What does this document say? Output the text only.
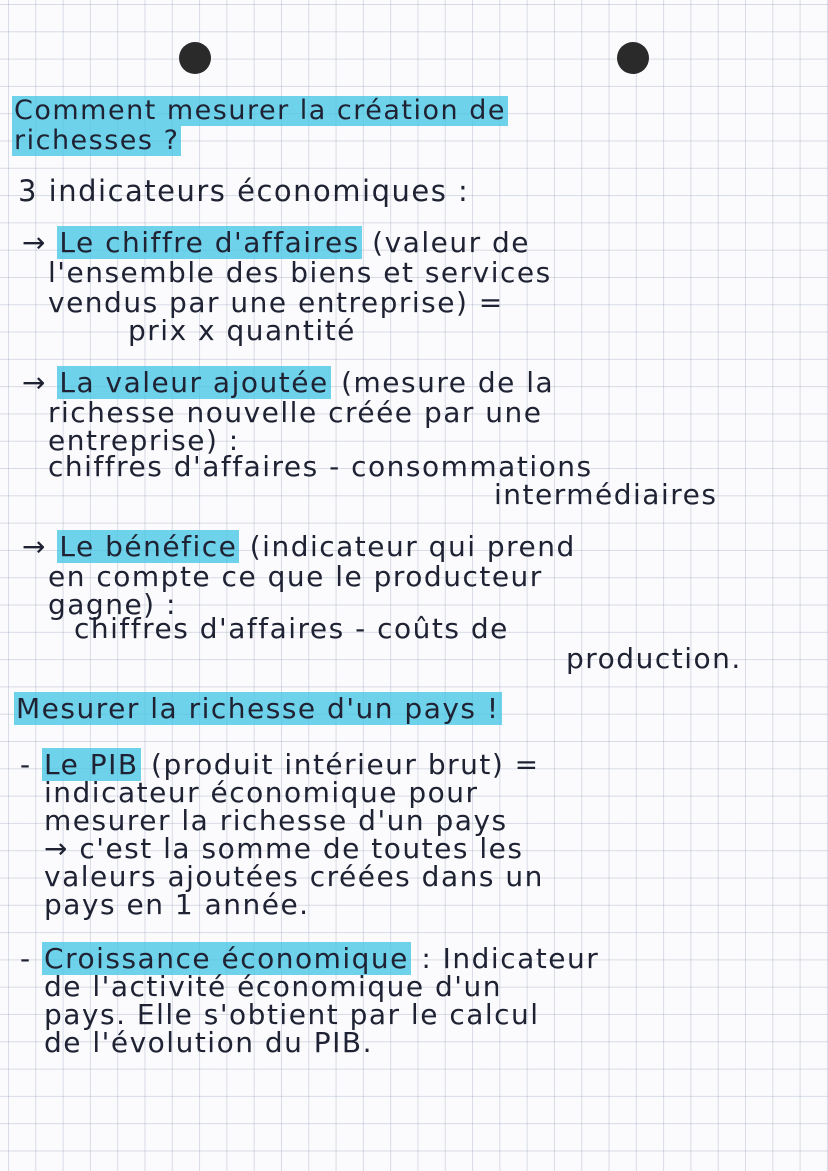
Comment mesurer la création de
richesses ?
3 indicateurs économiques :
→ Le chiffre d'affaires (valeur de
l'ensemble des biens et services
vendus par une entreprise) =
prix x quantité
→ La valeur ajoutée (mesure de la
richesse nouvelle créée par une
entreprise) :
chiffres d'affaires - consommations
intermédiaires
→ Le bénéfice (indicateur qui prend
en compte ce que le producteur
gagne) :
chiffres d'affaires - coûts de
production.
Mesurer la richesse d'un pays !
- Le PIB (produit intérieur brut) =
indicateur économique pour
mesurer la richesse d'un pays
→ c'est la somme de toutes les
valeurs ajoutées créées dans un
pays en 1 année.
- Croissance économique : Indicateur
de l'activité économique d'un
pays. Elle s'obtient par le calcul
de l'évolution du PIB.
